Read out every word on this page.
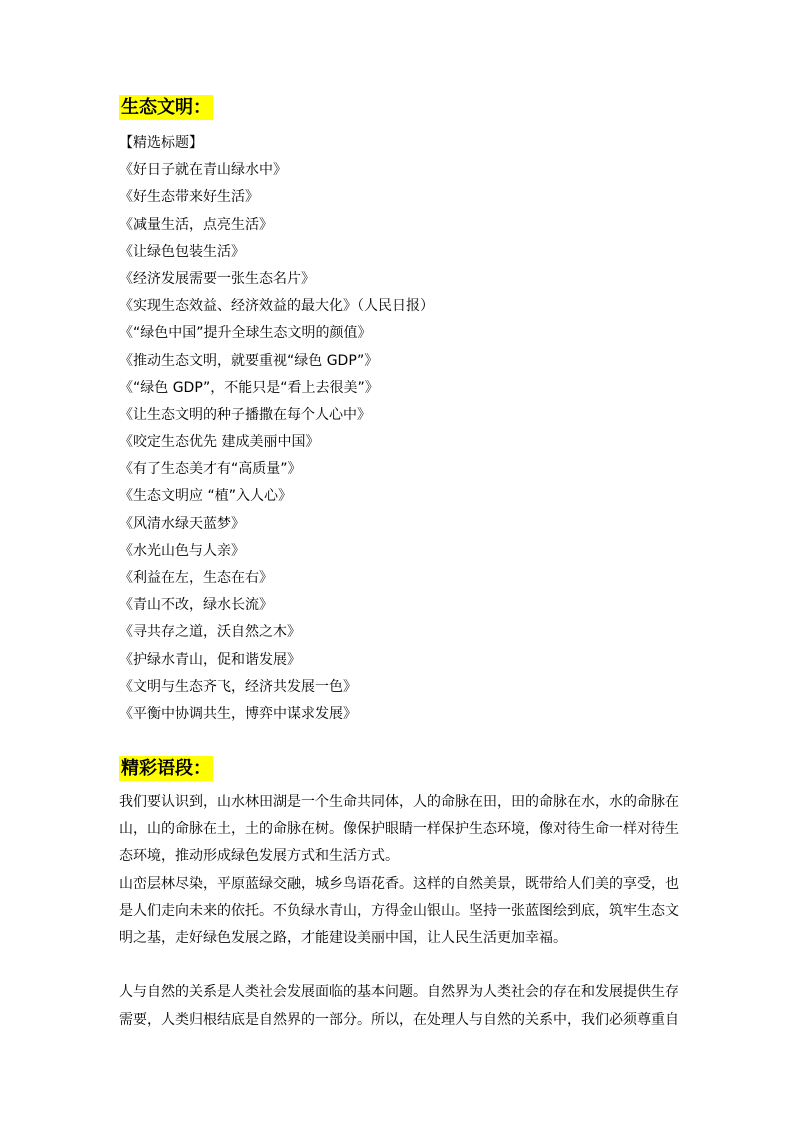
生态文明：
【精选标题】
《好日子就在青山绿水中》
《好生态带来好生活》
《减量生活，点亮生活》
《让绿色包装生活》
《经济发展需要一张生态名片》
《实现生态效益、经济效益的最大化》（人民日报）
《“绿色中国”提升全球生态文明的颜值》
《推动生态文明，就要重视“绿色 GDP”》
《“绿色 GDP”，不能只是“看上去很美”》
《让生态文明的种子播撒在每个人心中》
《咬定生态优先 建成美丽中国》
《有了生态美才有“高质量”》
《生态文明应 “植”入人心》
《风清水绿天蓝梦》
《水光山色与人亲》
《利益在左，生态在右》
《青山不改，绿水长流》
《寻共存之道，沃自然之木》
《护绿水青山，促和谐发展》
《文明与生态齐飞，经济共发展一色》
《平衡中协调共生，博弈中谋求发展》
精彩语段：

我们要认识到，山水林田湖是一个生命共同体，人的命脉在田，田的命脉在水，水的命脉在山，山的命脉在土，土的命脉在树。像保护眼睛一样保护生态环境，像对待生命一样对待生态环境，推动形成绿色发展方式和生活方式。

山峦层林尽染，平原蓝绿交融，城乡鸟语花香。这样的自然美景，既带给人们美的享受，也是人们走向未来的依托。不负绿水青山，方得金山银山。坚持一张蓝图绘到底，筑牢生态文明之基，走好绿色发展之路，才能建设美丽中国，让人民生活更加幸福。

人与自然的关系是人类社会发展面临的基本问题。自然界为人类社会的存在和发展提供生存需要，人类归根结底是自然界的一部分。所以，在处理人与自然的关系中，我们必须尊重自
